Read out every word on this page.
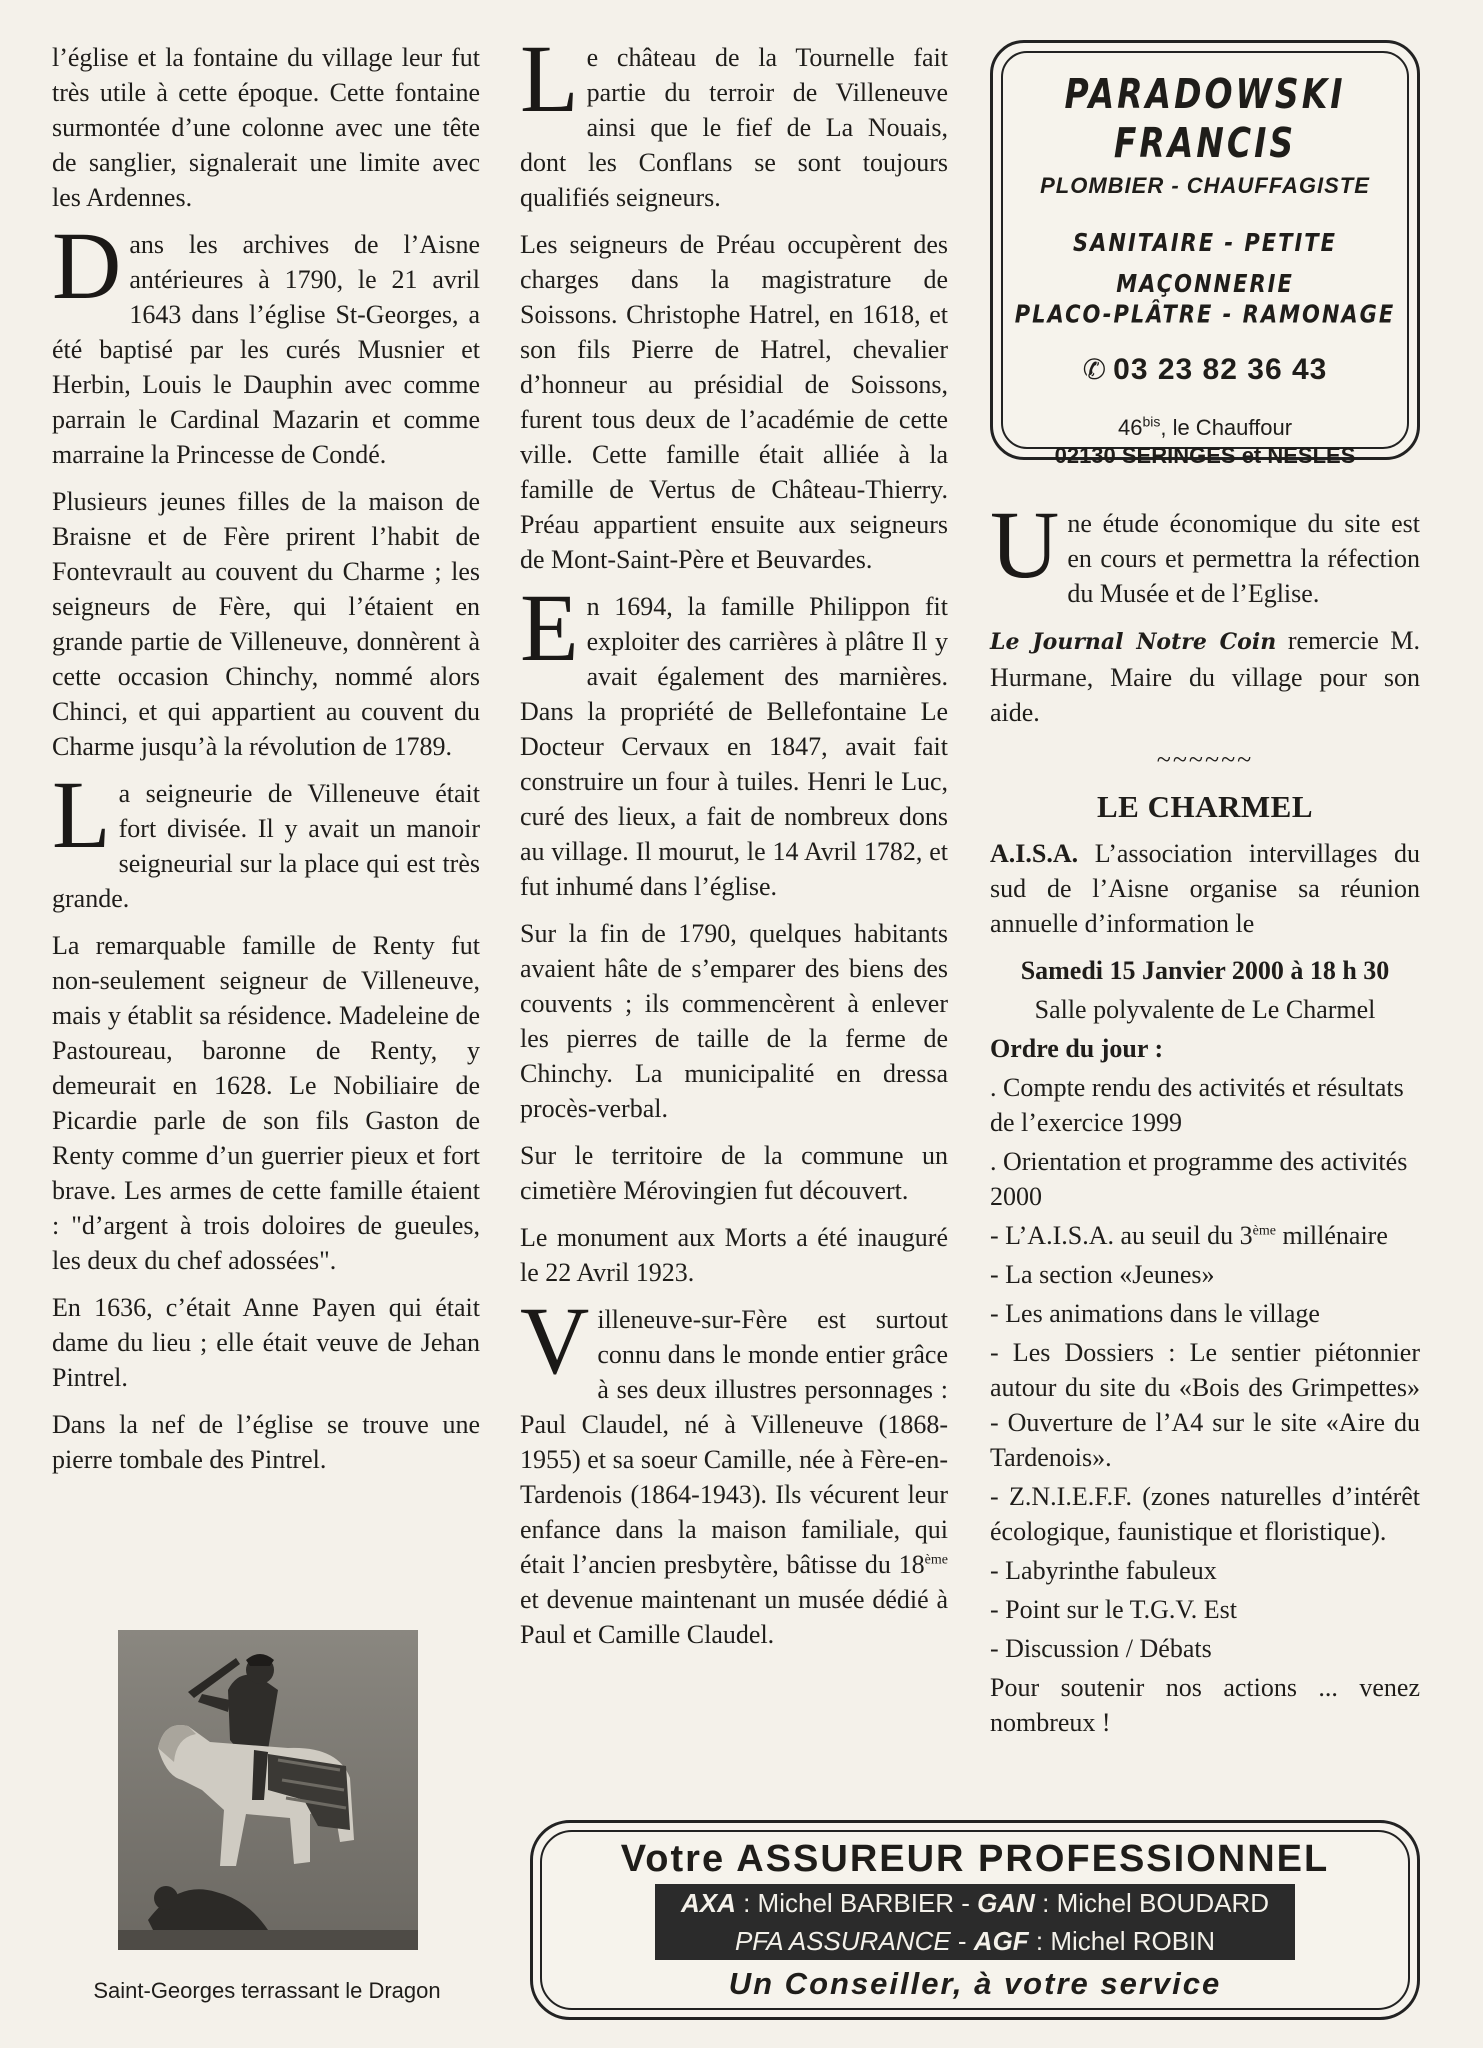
l’église et la fontaine du village leur fut très utile à cette époque. Cette fontaine surmontée d’une colonne avec une tête de sanglier, signalerait une limite avec les Ardennes.

Dans les archives de l’Aisne antérieures à 1790, le 21 avril 1643 dans l’église St-Georges, a été baptisé par les curés Musnier et Herbin, Louis le Dauphin avec comme parrain le Cardinal Mazarin et comme marraine la Princesse de Condé.

Plusieurs jeunes filles de la maison de Braisne et de Fère prirent l’habit de Fontevrault au couvent du Charme ; les seigneurs de Fère, qui l’étaient en grande partie de Villeneuve, donnèrent à cette occasion Chinchy, nommé alors Chinci, et qui appartient au couvent du Charme jusqu’à la révolution de 1789.

La seigneurie de Villeneuve était fort divisée. Il y avait un manoir seigneurial sur la place qui est très grande.

La remarquable famille de Renty fut non-seulement seigneur de Villeneuve, mais y établit sa résidence. Madeleine de Pastoureau, baronne de Renty, y demeurait en 1628. Le Nobiliaire de Picardie parle de son fils Gaston de Renty comme d’un guerrier pieux et fort brave. Les armes de cette famille étaient : "d’argent à trois doloires de gueules, les deux du chef adossées".

En 1636, c’était Anne Payen qui était dame du lieu ; elle était veuve de Jehan Pintrel.

Dans la nef de l’église se trouve une pierre tombale des Pintrel.

Saint-Georges terrassant le Dragon

Le château de la Tournelle fait partie du terroir de Villeneuve ainsi que le fief de La Nouais, dont les Conflans se sont toujours qualifiés seigneurs.

Les seigneurs de Préau occupèrent des charges dans la magistrature de Soissons. Christophe Hatrel, en 1618, et son fils Pierre de Hatrel, chevalier d’honneur au présidial de Soissons, furent tous deux de l’académie de cette ville. Cette famille était alliée à la famille de Vertus de Château-Thierry. Préau appartient ensuite aux seigneurs de Mont-Saint-Père et Beuvardes.

En 1694, la famille Philippon fit exploiter des carrières à plâtre Il y avait également des marnières. Dans la propriété de Bellefontaine Le Docteur Cervaux en 1847, avait fait construire un four à tuiles. Henri le Luc, curé des lieux, a fait de nombreux dons au village. Il mourut, le 14 Avril 1782, et fut inhumé dans l’église.

Sur la fin de 1790, quelques habitants avaient hâte de s’emparer des biens des couvents ; ils commencèrent à enlever les pierres de taille de la ferme de Chinchy. La municipalité en dressa procès-verbal.

Sur le territoire de la commune un cimetière Mérovingien fut découvert.

Le monument aux Morts a été inauguré le 22 Avril 1923.

Villeneuve-sur-Fère est surtout connu dans le monde entier grâce à ses deux illustres personnages : Paul Claudel, né à Villeneuve (1868-1955) et sa soeur Camille, née à Fère-en-Tardenois (1864-1943). Ils vécurent leur enfance dans la maison familiale, qui était l’ancien presbytère, bâtisse du 18ème et devenue maintenant un musée dédié à Paul et Camille Claudel.

PARADOWSKI FRANCIS
PLOMBIER - CHAUFFAGISTE
SANITAIRE - PETITE MAÇONNERIE
PLACO-PLÂTRE - RAMONAGE
✆ 03 23 82 36 43
$46^{bis}$, le Chauffour
02130 SERINGES et NESLES

Une étude économique du site est en cours et permettra la réfection du Musée et de l’Eglise.

Le Journal Notre Coin remercie M. Hurmane, Maire du village pour son aide.

~~~~~~

LE CHARMEL

A.I.S.A. L’association intervillages du sud de l’Aisne organise sa réunion annuelle d’information le

Samedi 15 Janvier 2000 à 18 h 30

Salle polyvalente de Le Charmel

Ordre du jour :

. Compte rendu des activités et résultats de l’exercice 1999

. Orientation et programme des activités 2000

- L’A.I.S.A. au seuil du 3ème millénaire

- La section «Jeunes»

- Les animations dans le village

- Les Dossiers : Le sentier piétonnier autour du site du «Bois des Grimpettes» - Ouverture de l’A4 sur le site «Aire du Tardenois».

- Z.N.I.E.F.F. (zones naturelles d’intérêt écologique, faunistique et floristique).

- Labyrinthe fabuleux

- Point sur le T.G.V. Est

- Discussion / Débats

Pour soutenir nos actions ... venez nombreux !

Votre ASSUREUR PROFESSIONNEL
AXA : Michel BARBIER - GAN : Michel BOUDARD
PFA ASSURANCE - AGF : Michel ROBIN
Un Conseiller, à votre service
